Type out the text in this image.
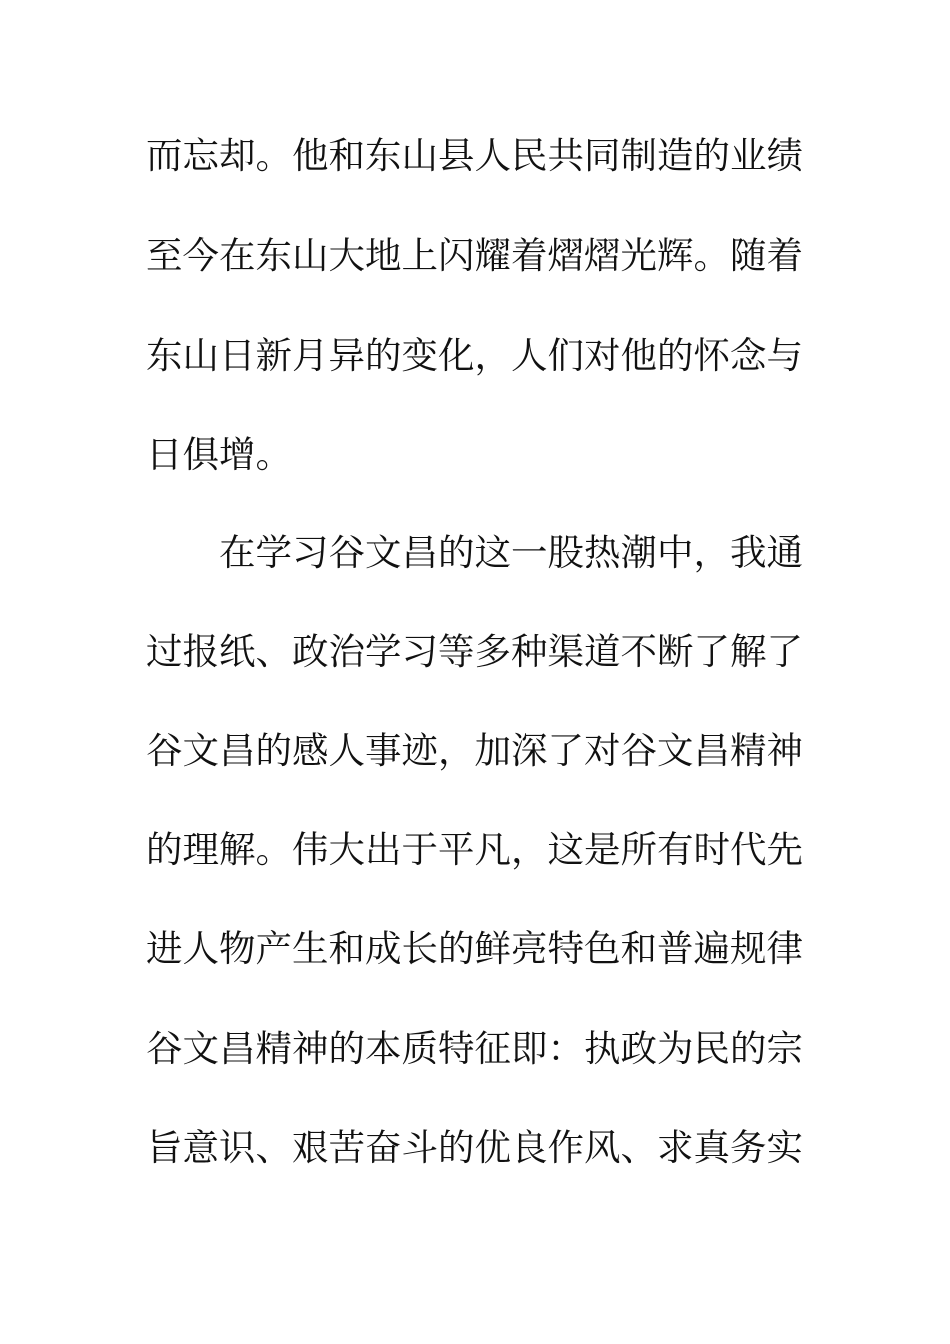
而忘却。他和东山县人民共同制造的业绩
至今在东山大地上闪耀着熠熠光辉。随着
东山日新月异的变化，人们对他的怀念与
日俱增。
在学习谷文昌的这一股热潮中，我通
过报纸、政治学习等多种渠道不断了解了
谷文昌的感人事迹，加深了对谷文昌精神
的理解。伟大出于平凡，这是所有时代先
进人物产生和成长的鲜亮特色和普遍规律
谷文昌精神的本质特征即：执政为民的宗
旨意识、艰苦奋斗的优良作风、求真务实
